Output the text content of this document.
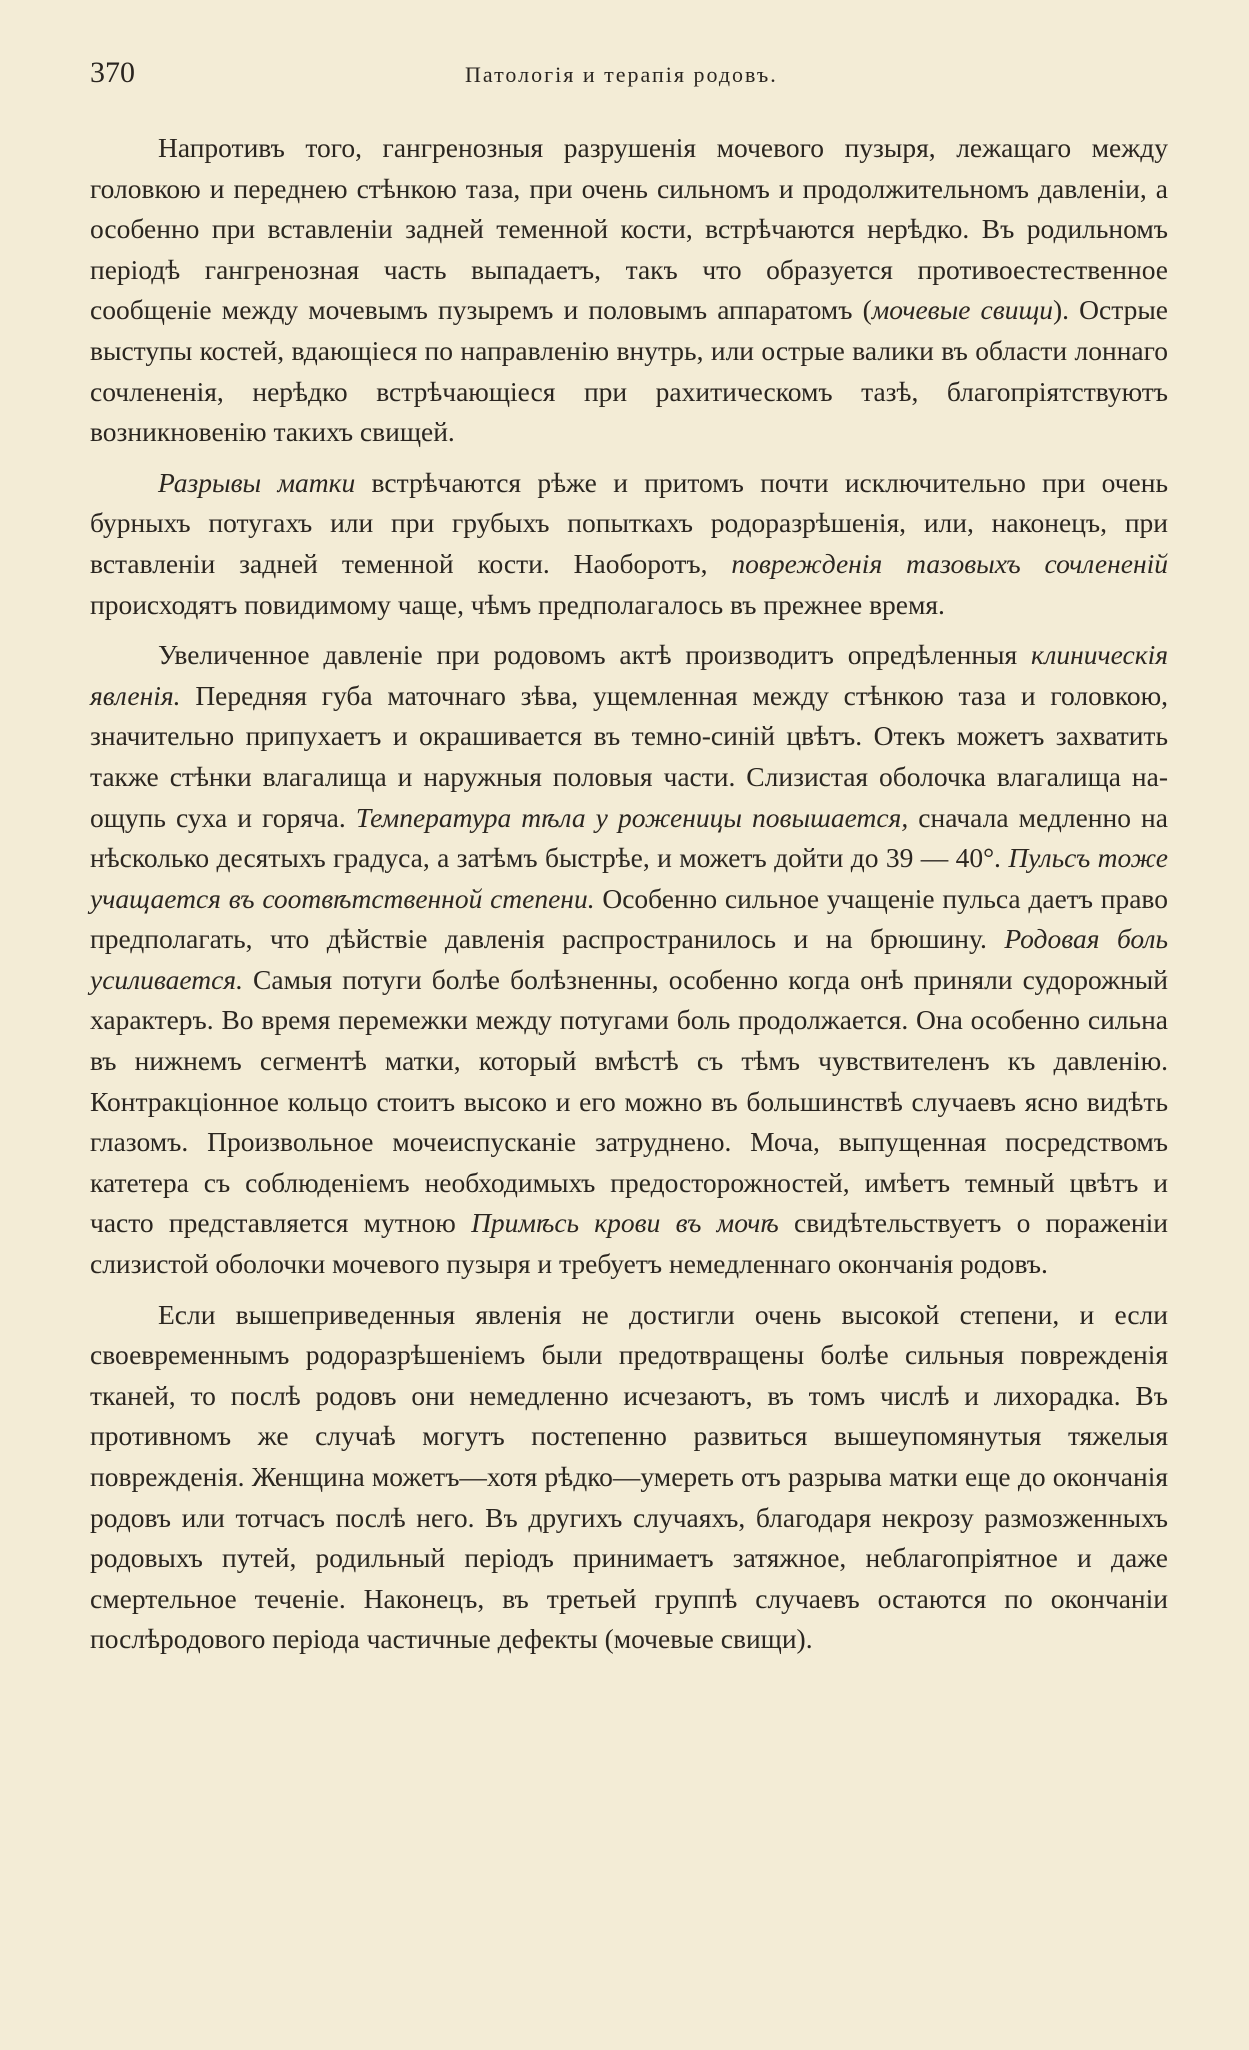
370	Патологія и терапія родовъ.

Напротивъ того, гангренозныя разрушенія мочевого пузыря, лежащаго между головкою и переднею стѣнкою таза, при очень сильномъ и продолжительномъ давленіи, а особенно при вставленіи задней теменной кости, встрѣчаются нерѣдко. Въ родильномъ періодѣ гангренозная часть выпадаетъ, такъ что образуется противоестественное сообщеніе между мочевымъ пузыремъ и половымъ аппаратомъ (мочевые свищи). Острые выступы костей, вдающіеся по направленію внутрь, или острые валики въ области лоннаго сочлененія, нерѣдко встрѣчающіеся при рахитическомъ тазѣ, благопріятствуютъ возникновенію такихъ свищей.

Разрывы матки встрѣчаются рѣже и притомъ почти исключительно при очень бурныхъ потугахъ или при грубыхъ попыткахъ родоразрѣшенія, или, наконецъ, при вставленіи задней теменной кости. Наоборотъ, поврежденія тазовыхъ сочлененій происходятъ повидимому чаще, чѣмъ предполагалось въ прежнее время.

Увеличенное давленіе при родовомъ актѣ производитъ опредѣленныя клиническія явленія. Передняя губа маточнаго зѣва, ущемленная между стѣнкою таза и головкою, значительно припухаетъ и окрашивается въ темно-синій цвѣтъ. Отекъ можетъ захватить также стѣнки влагалища и наружныя половыя части. Слизистая оболочка влагалища на-ощупь суха и горяча. Температура тѣла у роженицы повышается, сначала медленно на нѣсколько десятыхъ градуса, а затѣмъ быстрѣе, и можетъ дойти до 39 — 40°. Пульсъ тоже учащается въ соотвѣтственной степени. Особенно сильное учащеніе пульса даетъ право предполагать, что дѣйствіе давленія распространилось и на брюшину. Родовая боль усиливается. Самыя потуги болѣе болѣзненны, особенно когда онѣ приняли судорожный характеръ. Во время перемежки между потугами боль продолжается. Она особенно сильна въ нижнемъ сегментѣ матки, который вмѣстѣ съ тѣмъ чувствителенъ къ давленію. Контракціонное кольцо стоитъ высоко и его можно въ большинствѣ случаевъ ясно видѣть глазомъ. Произвольное мочеиспусканіе затруднено. Моча, выпущенная посредствомъ катетера съ соблюденіемъ необходимыхъ предосторожностей, имѣетъ темный цвѣтъ и часто представляется мутною Примѣсь крови въ мочѣ свидѣтельствуетъ о пораженіи слизистой оболочки мочевого пузыря и требуетъ немедленнаго окончанія родовъ.

Если вышеприведенныя явленія не достигли очень высокой степени, и если своевременнымъ родоразрѣшеніемъ были предотвращены болѣе сильныя поврежденія тканей, то послѣ родовъ они немедленно исчезаютъ, въ томъ числѣ и лихорадка. Въ противномъ же случаѣ могутъ постепенно развиться вышеупомянутыя тяжелыя поврежденія. Женщина можетъ—хотя рѣдко—умереть отъ разрыва матки еще до окончанія родовъ или тотчасъ послѣ него. Въ другихъ случаяхъ, благодаря некрозу размозженныхъ родовыхъ путей, родильный періодъ принимаетъ затяжное, неблагопріятное и даже смертельное теченіе. Наконецъ, въ третьей группѣ случаевъ остаются по окончаніи послѣродового періода частичные дефекты (мочевые свищи).
